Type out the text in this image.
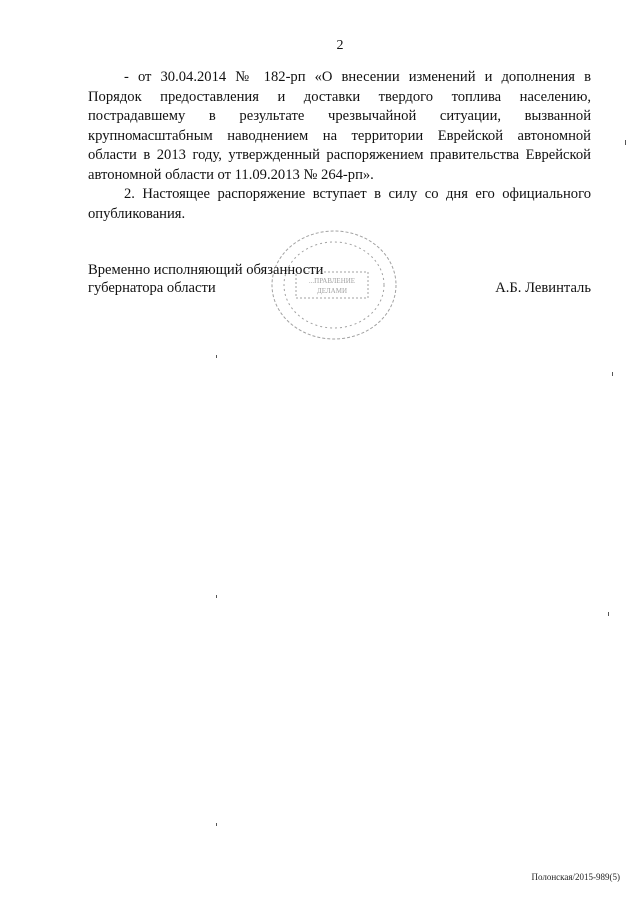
2

- от 30.04.2014 № 182-рп «О внесении изменений и дополнения в
Порядок предоставления и доставки твердого топлива населению,
пострадавшему в результате чрезвычайной ситуации, вызванной
крупномасштабным наводнением на территории Еврейской автономной
области в 2013 году, утвержденный распоряжением правительства Еврейской
автономной области от 11.09.2013 № 264-рп».

2. Настоящее распоряжение вступает в силу со дня его официального
опубликования.

Временно исполняющий обязанности
губернатора области	А.Б. Левинталь
...ПРАВЛЕНИЕ
ДЕЛАМИ
Полонская/2015-989(5)
